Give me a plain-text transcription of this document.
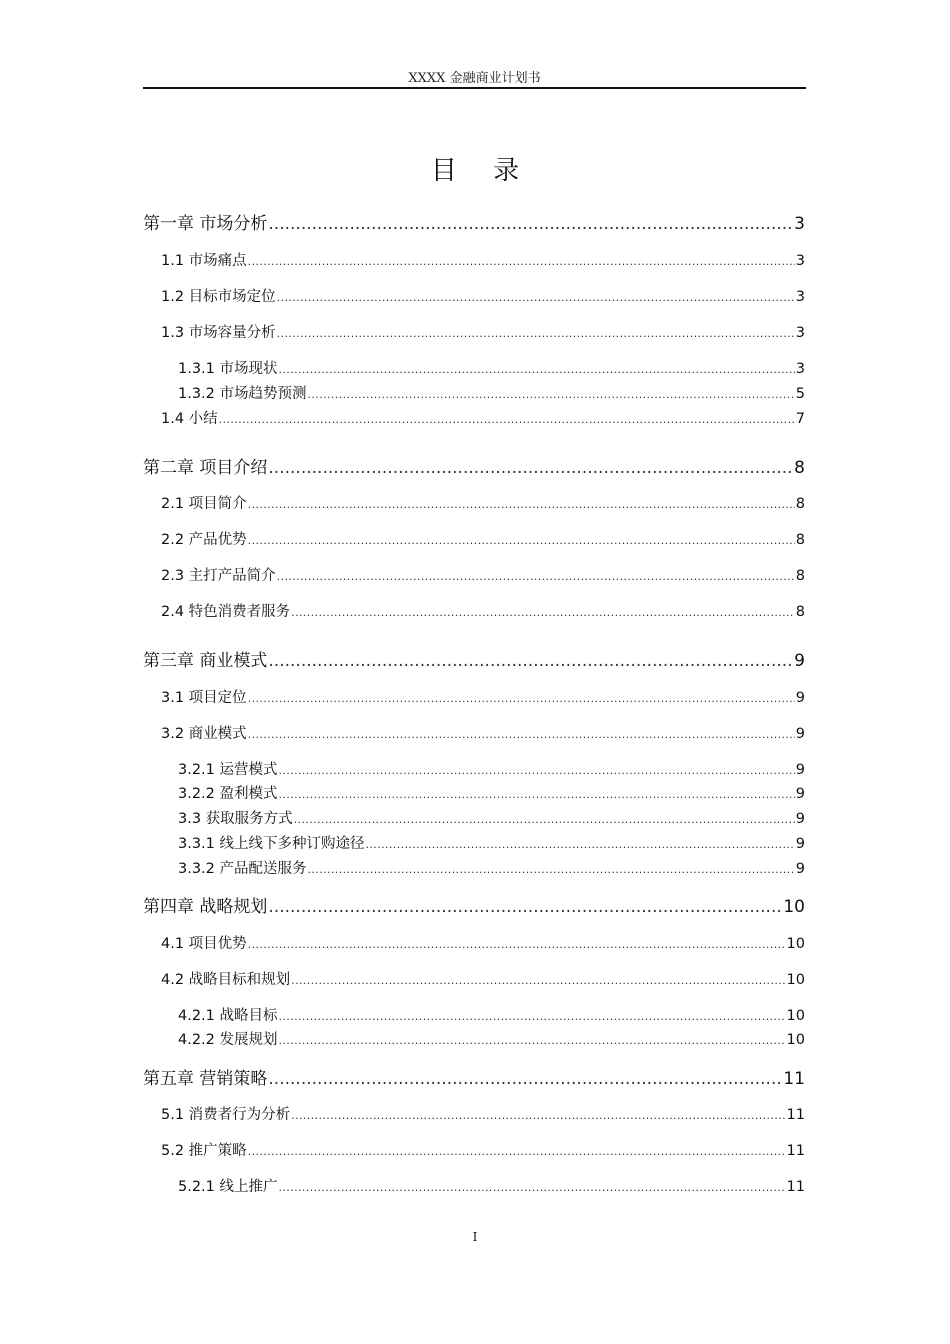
XXXX 金融商业计划书
目 录
第一章 市场分析 .....	3
1.1 市场痛点 .....	3
1.2 目标市场定位 .....	3
1.3 市场容量分析 .....	3
1.3.1 市场现状 .....	3
1.3.2 市场趋势预测 .....	5
1.4 小结 .....	7
第二章 项目介绍 .....	8
2.1 项目简介 .....	8
2.2 产品优势 .....	8
2.3 主打产品简介 .....	8
2.4 特色消费者服务 .....	8
第三章 商业模式 .....	9
3.1 项目定位 .....	9
3.2 商业模式 .....	9
3.2.1 运营模式 .....	9
3.2.2 盈利模式 .....	9
3.3 获取服务方式 .....	9
3.3.1 线上线下多种订购途径 .....	9
3.3.2 产品配送服务 .....	9
第四章 战略规划 .....	10
4.1 项目优势 .....	10
4.2 战略目标和规划 .....	10
4.2.1 战略目标 .....	10
4.2.2 发展规划 .....	10
第五章 营销策略 .....	11
5.1 消费者行为分析 .....	11
5.2 推广策略 .....	11
5.2.1 线上推广 .....	11
I
